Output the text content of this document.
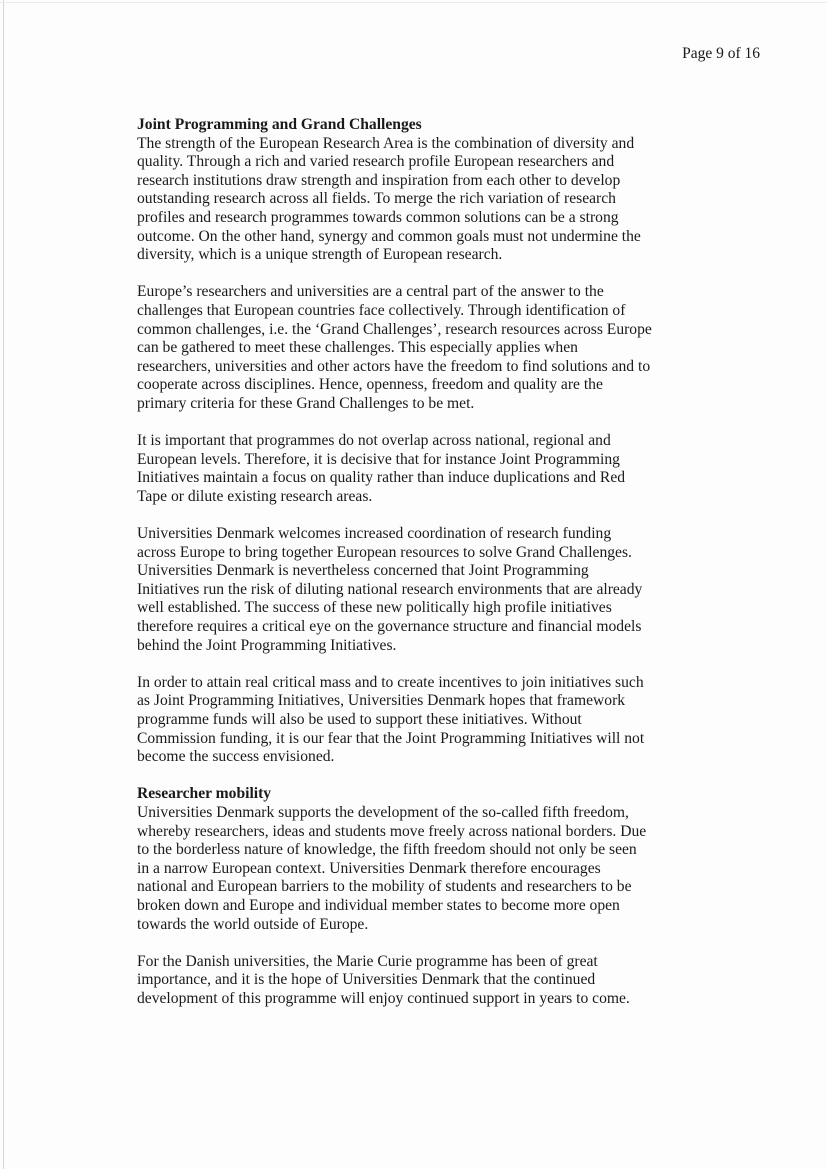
Page 9 of 16

Joint Programming and Grand Challenges

The strength of the European Research Area is the combination of diversity and quality. Through a rich and varied research profile European researchers and research institutions draw strength and inspiration from each other to develop outstanding research across all fields. To merge the rich variation of research profiles and research programmes towards common solutions can be a strong outcome. On the other hand, synergy and common goals must not undermine the diversity, which is a unique strength of European research.

Europe’s researchers and universities are a central part of the answer to the challenges that European countries face collectively. Through identification of common challenges, i.e. the ‘Grand Challenges’, research resources across Europe can be gathered to meet these challenges. This especially applies when researchers, universities and other actors have the freedom to find solutions and to cooperate across disciplines. Hence, openness, freedom and quality are the primary criteria for these Grand Challenges to be met.

It is important that programmes do not overlap across national, regional and European levels. Therefore, it is decisive that for instance Joint Programming Initiatives maintain a focus on quality rather than induce duplications and Red Tape or dilute existing research areas.

Universities Denmark welcomes increased coordination of research funding across Europe to bring together European resources to solve Grand Challenges. Universities Denmark is nevertheless concerned that Joint Programming Initiatives run the risk of diluting national research environments that are already well established. The success of these new politically high profile initiatives therefore requires a critical eye on the governance structure and financial models behind the Joint Programming Initiatives.

In order to attain real critical mass and to create incentives to join initiatives such as Joint Programming Initiatives, Universities Denmark hopes that framework programme funds will also be used to support these initiatives. Without Commission funding, it is our fear that the Joint Programming Initiatives will not become the success envisioned.

Researcher mobility

Universities Denmark supports the development of the so-called fifth freedom, whereby researchers, ideas and students move freely across national borders. Due to the borderless nature of knowledge, the fifth freedom should not only be seen in a narrow European context. Universities Denmark therefore encourages national and European barriers to the mobility of students and researchers to be broken down and Europe and individual member states to become more open towards the world outside of Europe.

For the Danish universities, the Marie Curie programme has been of great importance, and it is the hope of Universities Denmark that the continued development of this programme will enjoy continued support in years to come.
